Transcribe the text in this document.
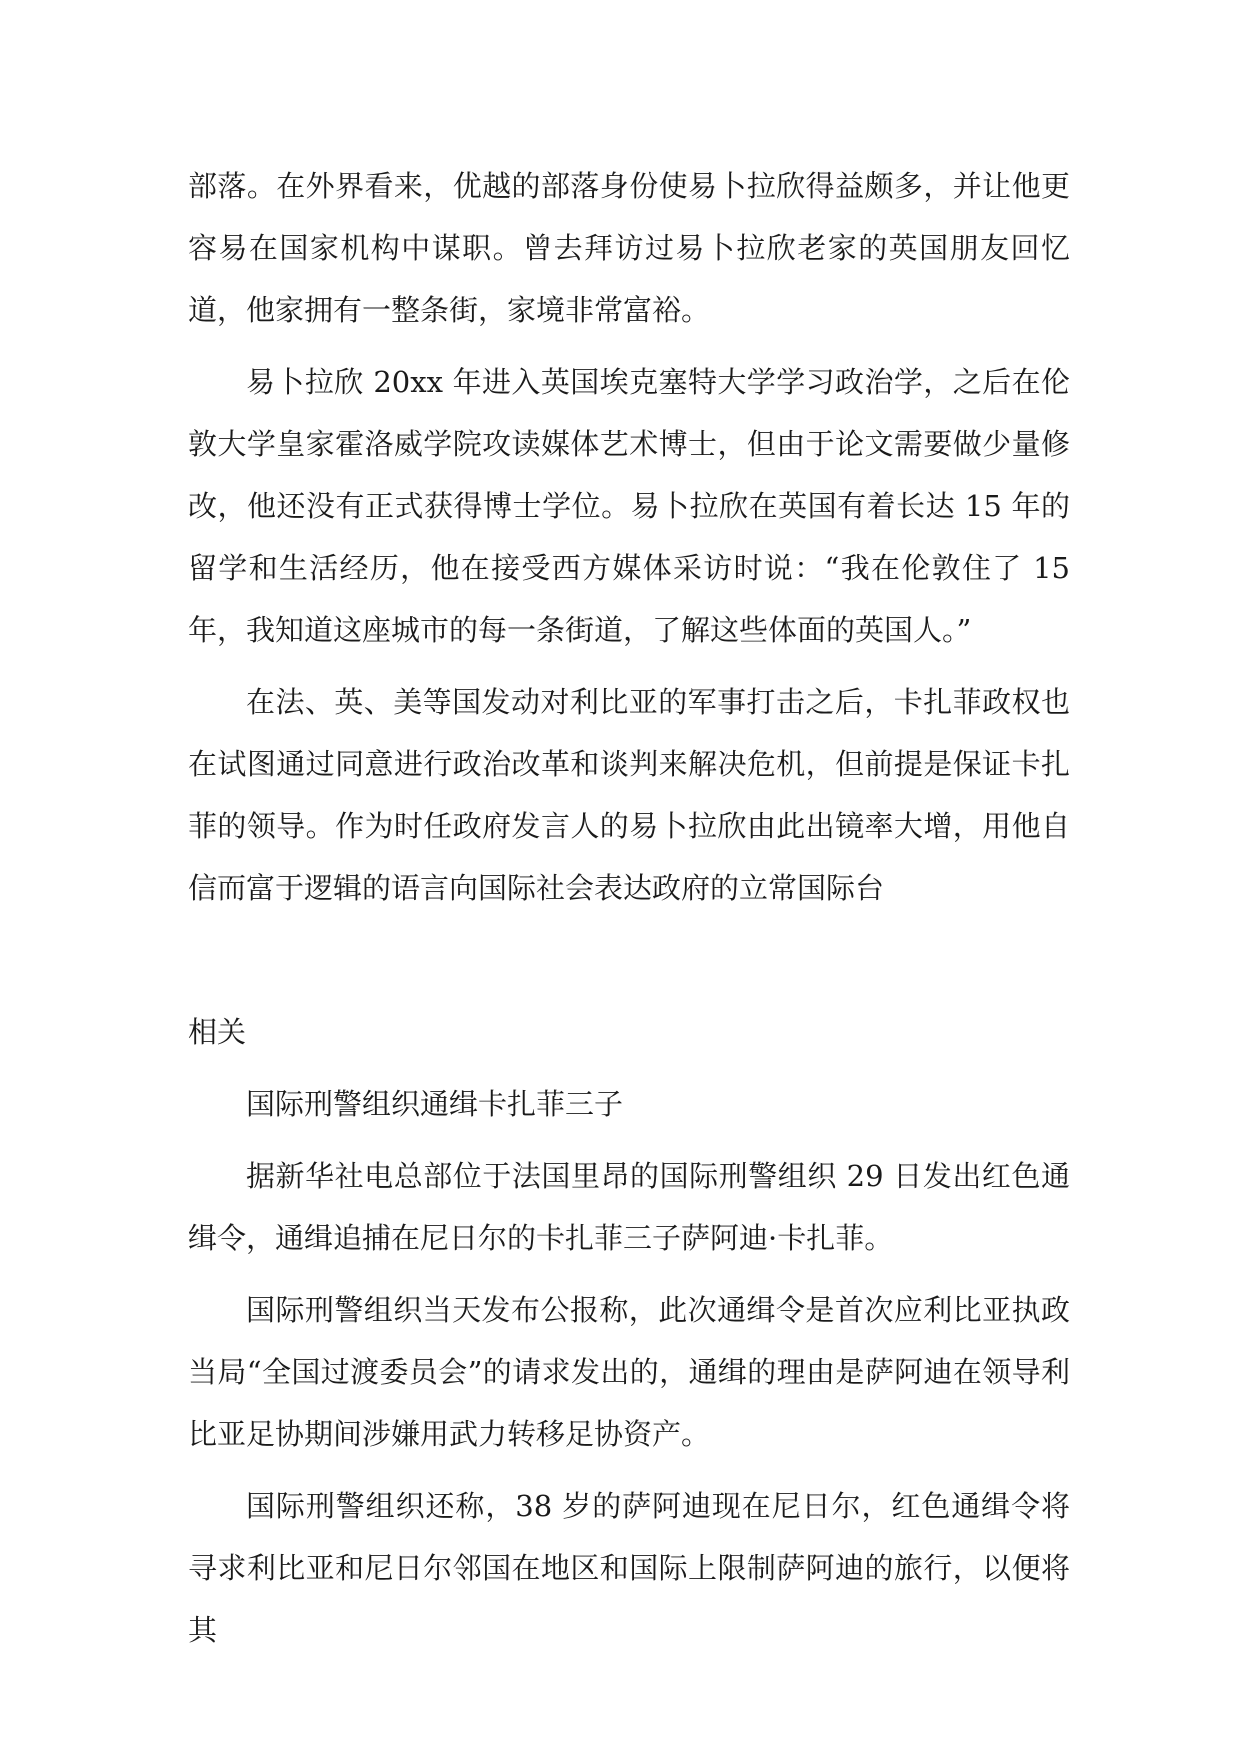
部落。在外界看来，优越的部落身份使易卜拉欣得益颇多，并让他更容易在国家机构中谋职。曾去拜访过易卜拉欣老家的英国朋友回忆道，他家拥有一整条街，家境非常富裕。

易卜拉欣 20xx 年进入英国埃克塞特大学学习政治学，之后在伦敦大学皇家霍洛威学院攻读媒体艺术博士，但由于论文需要做少量修改，他还没有正式获得博士学位。易卜拉欣在英国有着长达 15 年的留学和生活经历，他在接受西方媒体采访时说：“我在伦敦住了 15 年，我知道这座城市的每一条街道，了解这些体面的英国人。”

在法、英、美等国发动对利比亚的军事打击之后，卡扎菲政权也在试图通过同意进行政治改革和谈判来解决危机，但前提是保证卡扎菲的领导。作为时任政府发言人的易卜拉欣由此出镜率大增，用他自信而富于逻辑的语言向国际社会表达政府的立常国际台

相关

国际刑警组织通缉卡扎菲三子

据新华社电总部位于法国里昂的国际刑警组织 29 日发出红色通缉令，通缉追捕在尼日尔的卡扎菲三子萨阿迪·卡扎菲。

国际刑警组织当天发布公报称，此次通缉令是首次应利比亚执政当局“全国过渡委员会”的请求发出的，通缉的理由是萨阿迪在领导利比亚足协期间涉嫌用武力转移足协资产。

国际刑警组织还称，38 岁的萨阿迪现在尼日尔，红色通缉令将寻求利比亚和尼日尔邻国在地区和国际上限制萨阿迪的旅行，以便将其
